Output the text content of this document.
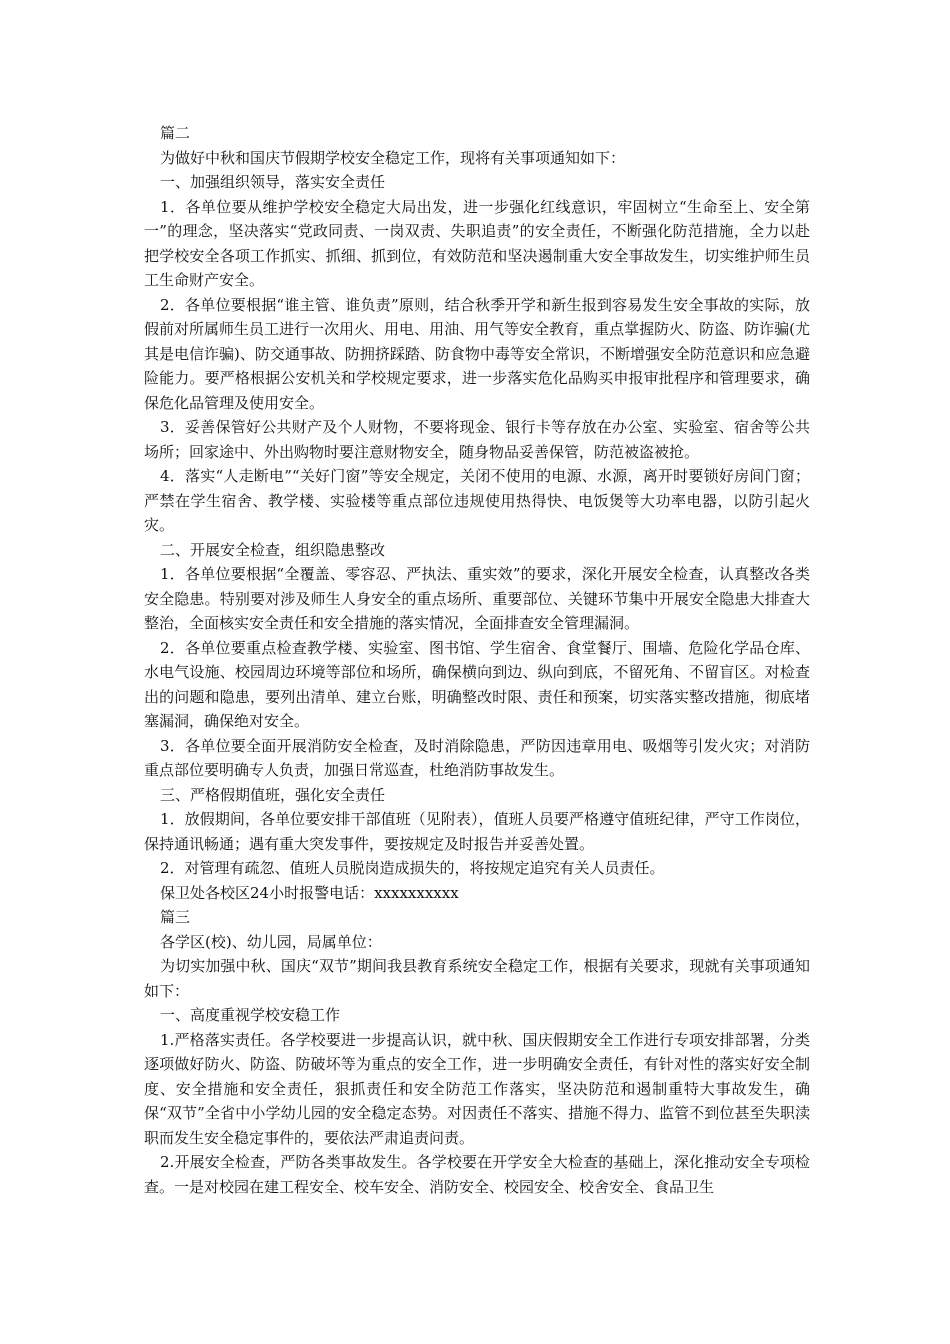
篇二

为做好中秋和国庆节假期学校安全稳定工作，现将有关事项通知如下：

一、加强组织领导，落实安全责任

1．各单位要从维护学校安全稳定大局出发，进一步强化红线意识，牢固树立“生命至上、安全第一”的理念，坚决落实“党政同责、一岗双责、失职追责”的安全责任，不断强化防范措施，全力以赴把学校安全各项工作抓实、抓细、抓到位，有效防范和坚决遏制重大安全事故发生，切实维护师生员工生命财产安全。

2．各单位要根据“谁主管、谁负责”原则，结合秋季开学和新生报到容易发生安全事故的实际，放假前对所属师生员工进行一次用火、用电、用油、用气等安全教育，重点掌握防火、防盗、防诈骗(尤其是电信诈骗)、防交通事故、防拥挤踩踏、防食物中毒等安全常识，不断增强安全防范意识和应急避险能力。要严格根据公安机关和学校规定要求，进一步落实危化品购买申报审批程序和管理要求，确保危化品管理及使用安全。

3．妥善保管好公共财产及个人财物，不要将现金、银行卡等存放在办公室、实验室、宿舍等公共场所；回家途中、外出购物时要注意财物安全，随身物品妥善保管，防范被盗被抢。

4．落实“人走断电”“关好门窗”等安全规定，关闭不使用的电源、水源，离开时要锁好房间门窗；严禁在学生宿舍、教学楼、实验楼等重点部位违规使用热得快、电饭煲等大功率电器，以防引起火灾。

二、开展安全检查，组织隐患整改

1．各单位要根据“全覆盖、零容忍、严执法、重实效”的要求，深化开展安全检查，认真整改各类安全隐患。特别要对涉及师生人身安全的重点场所、重要部位、关键环节集中开展安全隐患大排查大整治，全面核实安全责任和安全措施的落实情况，全面排查安全管理漏洞。

2．各单位要重点检查教学楼、实验室、图书馆、学生宿舍、食堂餐厅、围墙、危险化学品仓库、水电气设施、校园周边环境等部位和场所，确保横向到边、纵向到底，不留死角、不留盲区。对检查出的问题和隐患，要列出清单、建立台账，明确整改时限、责任和预案，切实落实整改措施，彻底堵塞漏洞，确保绝对安全。

3．各单位要全面开展消防安全检查，及时消除隐患，严防因违章用电、吸烟等引发火灾；对消防重点部位要明确专人负责，加强日常巡查，杜绝消防事故发生。

三、严格假期值班，强化安全责任

1．放假期间，各单位要安排干部值班（见附表），值班人员要严格遵守值班纪律，严守工作岗位，保持通讯畅通；遇有重大突发事件，要按规定及时报告并妥善处置。

2．对管理有疏忽、值班人员脱岗造成损失的，将按规定追究有关人员责任。

保卫处各校区24小时报警电话：xxxxxxxxxx

篇三

各学区(校)、幼儿园，局属单位：

为切实加强中秋、国庆“双节”期间我县教育系统安全稳定工作，根据有关要求，现就有关事项通知如下：

一、高度重视学校安稳工作

1.严格落实责任。各学校要进一步提高认识，就中秋、国庆假期安全工作进行专项安排部署，分类逐项做好防火、防盗、防破坏等为重点的安全工作，进一步明确安全责任，有针对性的落实好安全制度、安全措施和安全责任，狠抓责任和安全防范工作落实，坚决防范和遏制重特大事故发生，确保“双节”全省中小学幼儿园的安全稳定态势。对因责任不落实、措施不得力、监管不到位甚至失职渎职而发生安全稳定事件的，要依法严肃追责问责。

2.开展安全检查，严防各类事故发生。各学校要在开学安全大检查的基础上，深化推动安全专项检查。一是对校园在建工程安全、校车安全、消防安全、校园安全、校舍安全、食品卫生
